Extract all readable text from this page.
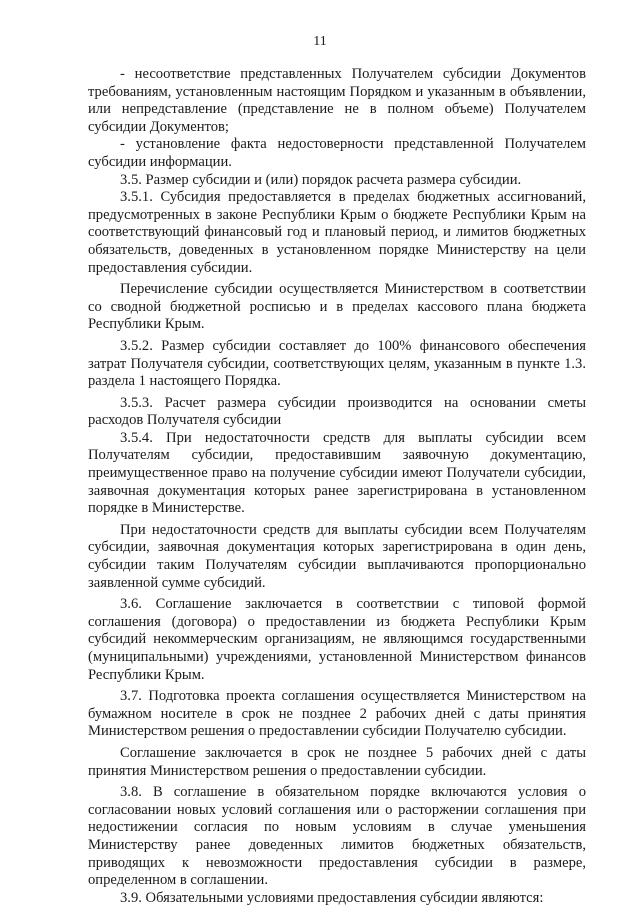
11

- несоответствие представленных Получателем субсидии Документов требованиям, установленным настоящим Порядком и указанным в объявлении, или непредставление (представление не в полном объеме) Получателем субсидии Документов;

- установление факта недостоверности представленной Получателем субсидии информации.

3.5. Размер субсидии и (или) порядок расчета размера субсидии.

3.5.1. Субсидия предоставляется в пределах бюджетных ассигнований, предусмотренных в законе Республики Крым о бюджете Республики Крым на соответствующий финансовый год и плановый период, и лимитов бюджетных обязательств, доведенных в установленном порядке Министерству на цели предоставления субсидии.

Перечисление субсидии осуществляется Министерством в соответствии со сводной бюджетной росписью и в пределах кассового плана бюджета Республики Крым.

3.5.2. Размер субсидии составляет до 100% финансового обеспечения затрат Получателя субсидии, соответствующих целям, указанным в пункте 1.3. раздела 1 настоящего Порядка.

3.5.3. Расчет размера субсидии производится на основании сметы расходов Получателя субсидии

3.5.4. При недостаточности средств для выплаты субсидии всем Получателям субсидии, предоставившим заявочную документацию, преимущественное право на получение субсидии имеют Получатели субсидии, заявочная документация которых ранее зарегистрирована в установленном порядке в Министерстве.

При недостаточности средств для выплаты субсидии всем Получателям субсидии, заявочная документация которых зарегистрирована в один день, субсидии таким Получателям субсидии выплачиваются пропорционально заявленной сумме субсидий.

3.6. Соглашение заключается в соответствии с типовой формой соглашения (договора) о предоставлении из бюджета Республики Крым субсидий некоммерческим организациям, не являющимся государственными (муниципальными) учреждениями, установленной Министерством финансов Республики Крым.

3.7. Подготовка проекта соглашения осуществляется Министерством на бумажном носителе в срок не позднее 2 рабочих дней с даты принятия Министерством решения о предоставлении субсидии Получателю субсидии.

Соглашение заключается в срок не позднее 5 рабочих дней с даты принятия Министерством решения о предоставлении субсидии.

3.8. В соглашение в обязательном порядке включаются условия о согласовании новых условий соглашения или о расторжении соглашения при недостижении согласия по новым условиям в случае уменьшения Министерству ранее доведенных лимитов бюджетных обязательств, приводящих к невозможности предоставления субсидии в размере, определенном в соглашении.

3.9. Обязательными условиями предоставления субсидии являются:
